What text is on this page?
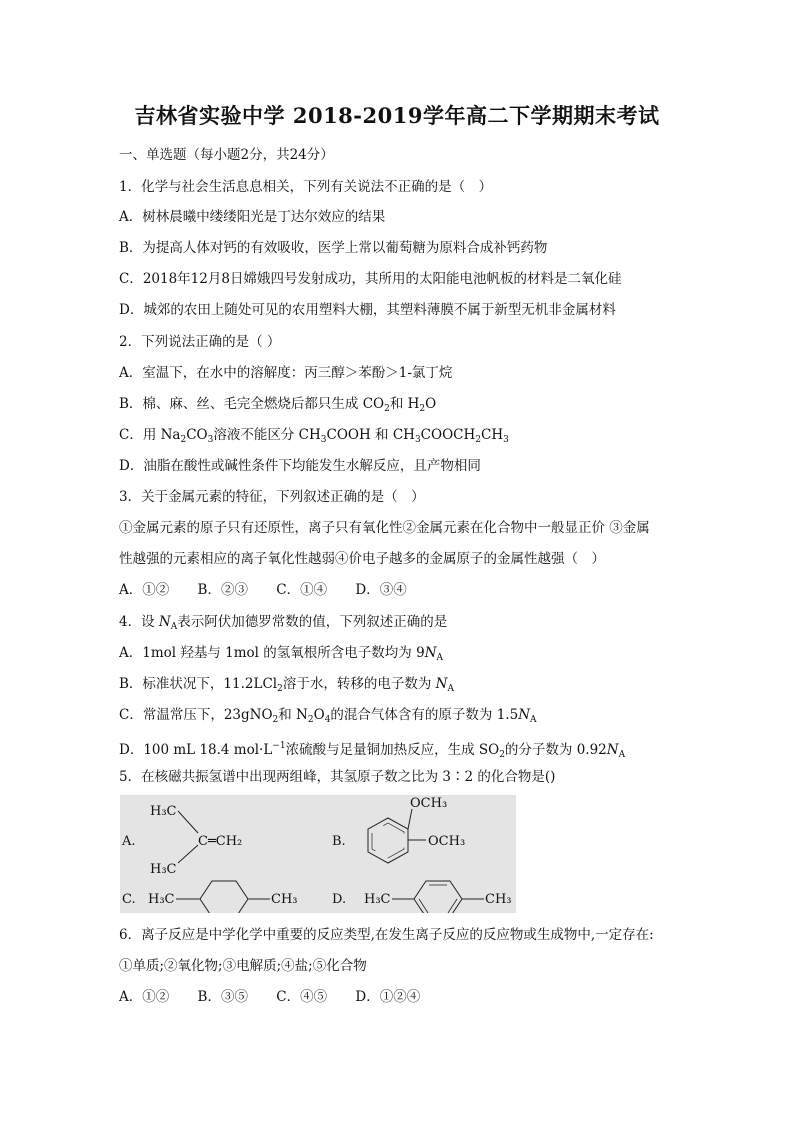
吉林省实验中学 2018-2019学年高二下学期期末考试
一、单选题（每小题2分，共24分）
1．化学与社会生活息息相关，下列有关说法不正确的是（　）
A．树林晨曦中缕缕阳光是丁达尔效应的结果
B．为提高人体对钙的有效吸收，医学上常以葡萄糖为原料合成补钙药物
C．2018年12月8日嫦娥四号发射成功，其所用的太阳能电池帆板的材料是二氧化硅
D．城郊的农田上随处可见的农用塑料大棚，其塑料薄膜不属于新型无机非金属材料
2．下列说法正确的是（ ）
A．室温下，在水中的溶解度：丙三醇＞苯酚＞1-氯丁烷
B．棉、麻、丝、毛完全燃烧后都只生成 $CO_2$和 $H_2O$
C．用 $Na_2CO_3$溶液不能区分 $CH_3COOH$ 和 $CH_3COOCH_2CH_3$
D．油脂在酸性或碱性条件下均能发生水解反应，且产物相同
3．关于金属元素的特征，下列叙述正确的是（　）
①金属元素的原子只有还原性，离子只有氧化性②金属元素在化合物中一般显正价 ③金属
性越强的元素相应的离子氧化性越弱④价电子越多的金属原子的金属性越强（　）
A．①② B．②③ C．①④ D．③④
4．设 $N_A$表示阿伏加德罗常数的值，下列叙述正确的是
A．1mol 羟基与 1mol 的氢氧根所含电子数均为 $9N_A$
B．标准状况下，11.2LCl$_2$溶于水，转移的电子数为 $N_A$
C．常温常压下，23gNO$_2$和 $N_2O_4$的混合气体含有的原子数为 $1.5N_A$
D．100 mL 18.4 $mol\cdot L^{-1}$浓硫酸与足量铜加热反应，生成 $SO_2$的分子数为 $0.92N_A$
5．在核磁共振氢谱中出现两组峰，其氢原子数之比为 3∶2 的化合物是()
A.
H₃C
H₃C
C═CH₂	B.
OCH₃
OCH₃
C. H₃C	CH₃	D. H₃C	CH₃
6．离子反应是中学化学中重要的反应类型,在发生离子反应的反应物或生成物中,一定存在:
①单质;②氧化物;③电解质;④盐;⑤化合物
A．①② B．③⑤ C．④⑤ D．①②④
